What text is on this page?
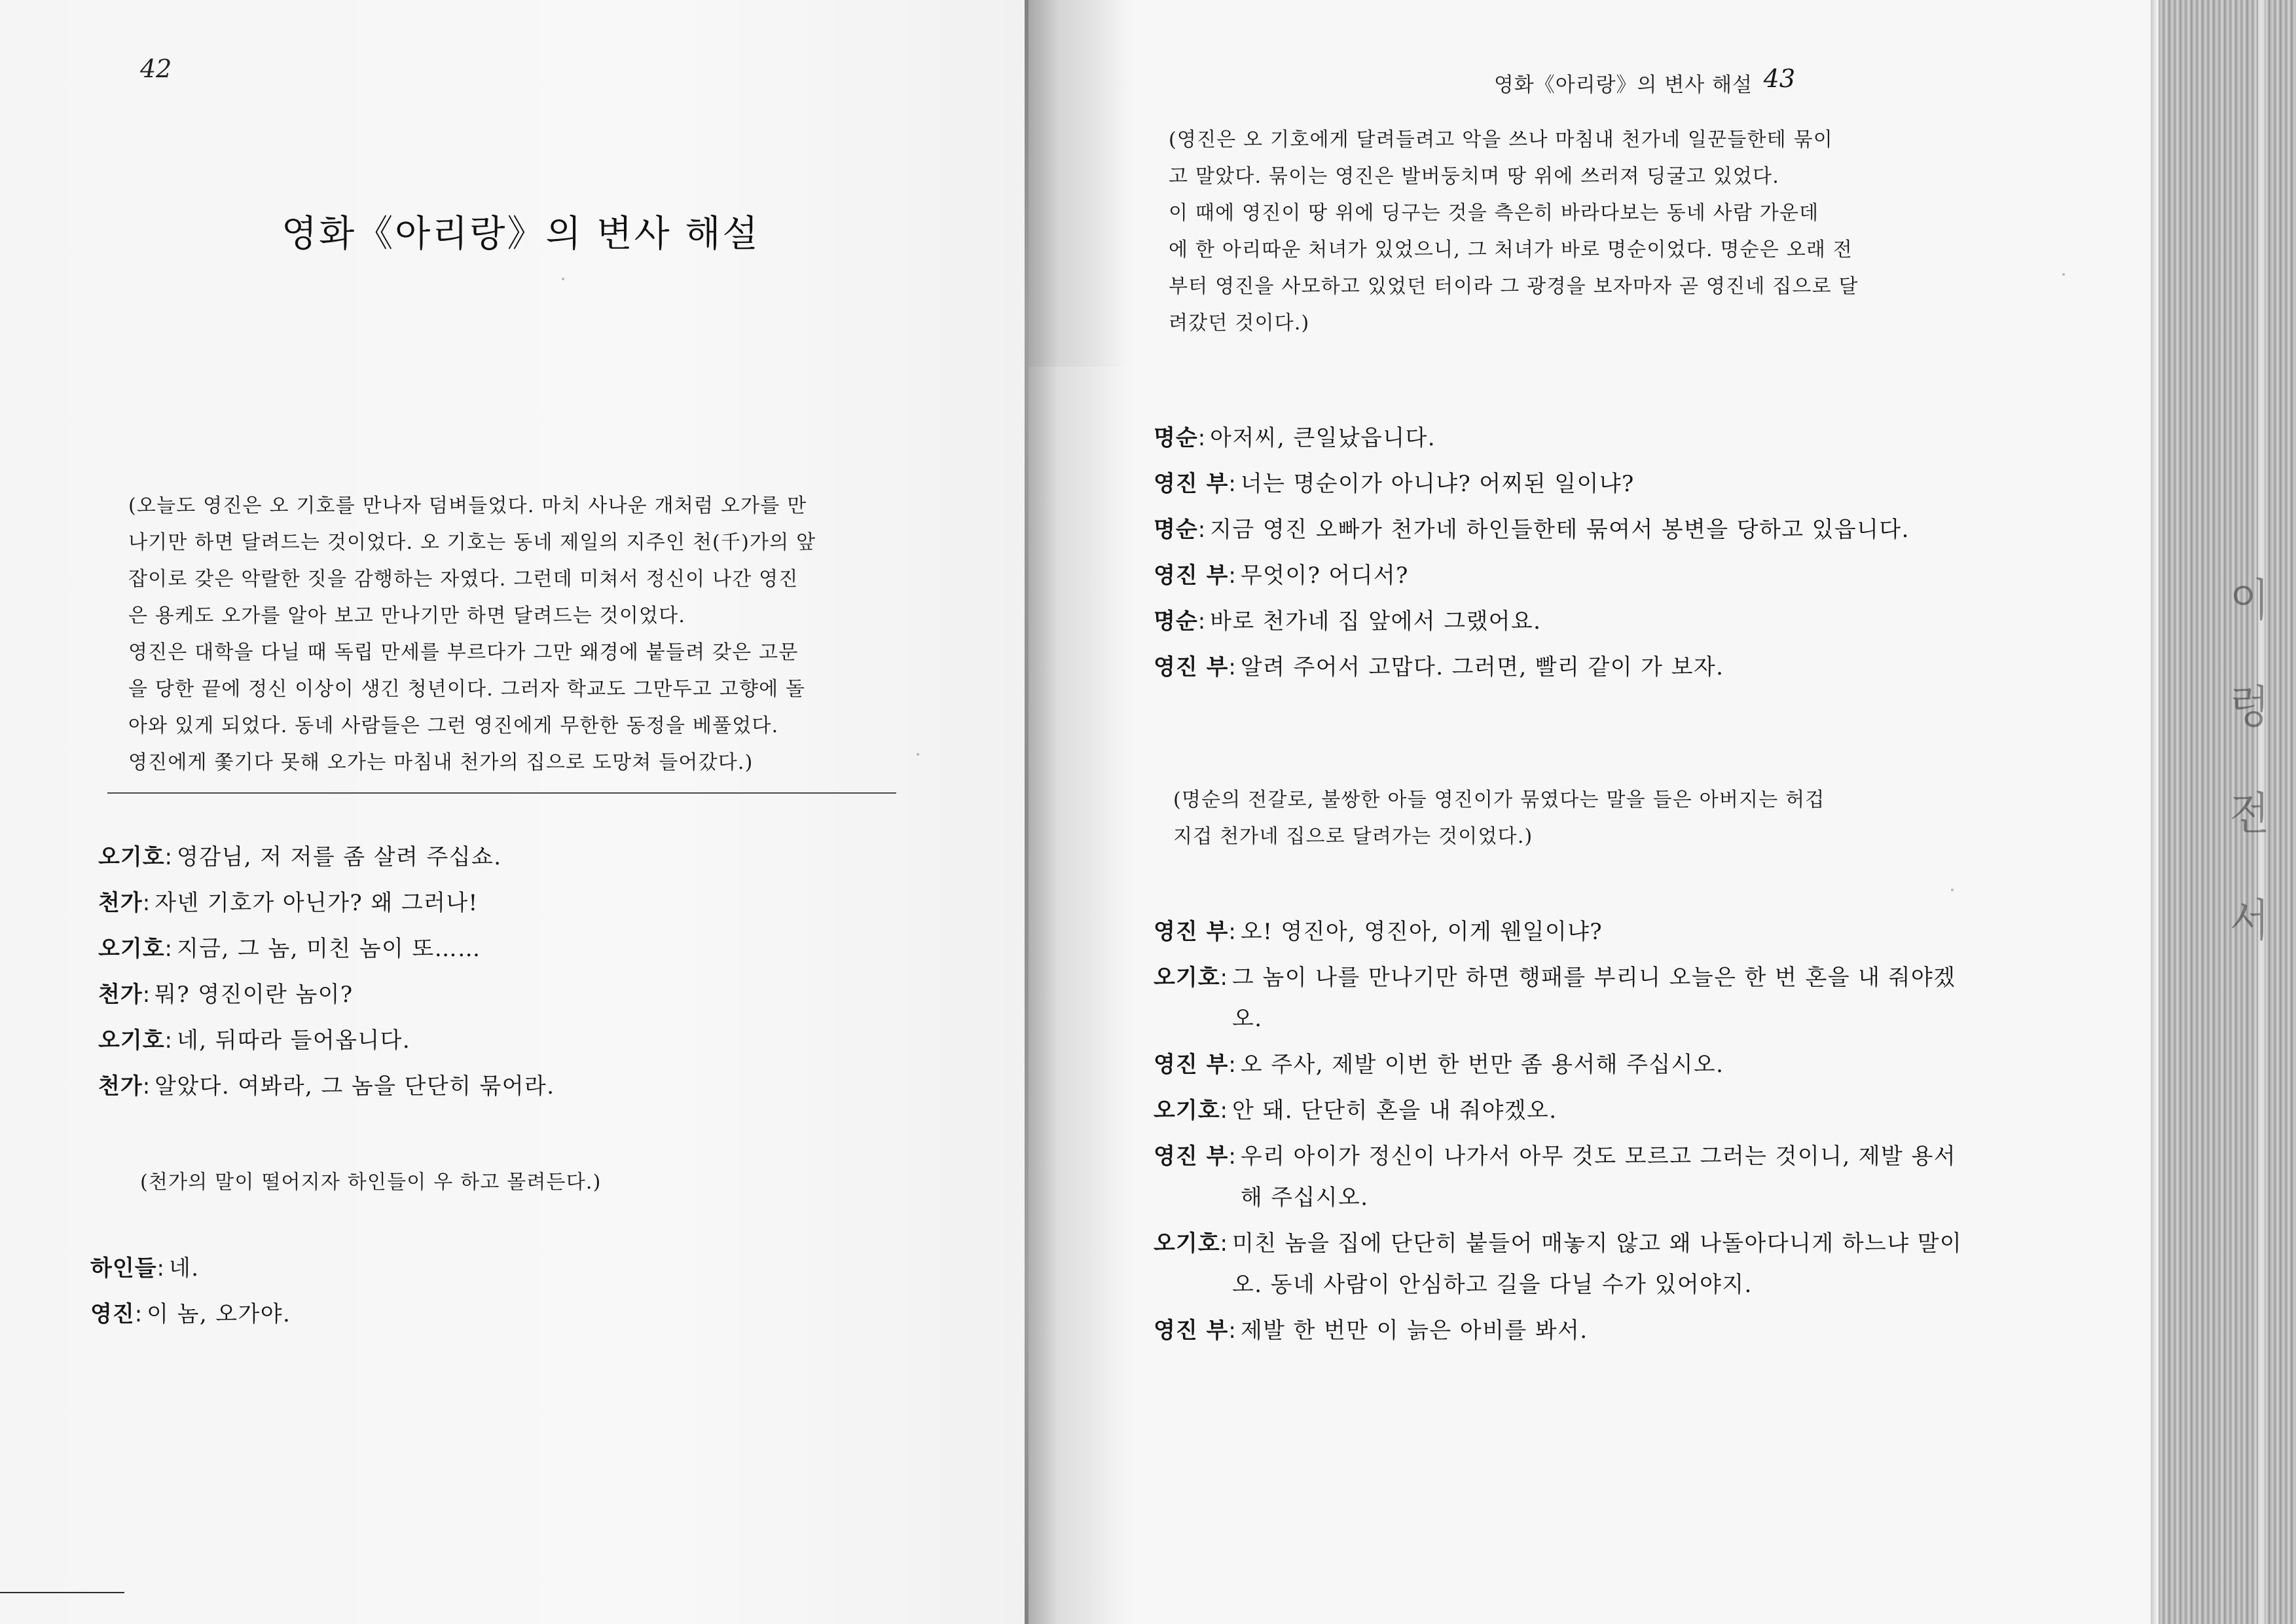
이 렁 전 서
42
영화《아리랑》의 변사 해설
(오늘도 영진은 오 기호를 만나자 덤벼들었다. 마치 사나운 개처럼 오가를 만
나기만 하면 달려드는 것이었다. 오 기호는 동네 제일의 지주인 천(千)가의 앞
잡이로 갖은 악랄한 짓을 감행하는 자였다. 그런데 미쳐서 정신이 나간 영진
은 용케도 오가를 알아 보고 만나기만 하면 달려드는 것이었다.
영진은 대학을 다닐 때 독립 만세를 부르다가 그만 왜경에 붙들려 갖은 고문
을 당한 끝에 정신 이상이 생긴 청년이다. 그러자 학교도 그만두고 고향에 돌
아와 있게 되었다. 동네 사람들은 그런 영진에게 무한한 동정을 베풀었다.
영진에게 쫓기다 못해 오가는 마침내 천가의 집으로 도망쳐 들어갔다.)
오기호 : 영감님, 저 저를 좀 살려 주십쇼.
천가 : 자넨 기호가 아닌가? 왜 그러나!
오기호 : 지금, 그 놈, 미친 놈이 또……
천가 : 뭐? 영진이란 놈이?
오기호 : 네, 뒤따라 들어옵니다.
천가 : 알았다. 여봐라, 그 놈을 단단히 묶어라.
(천가의 말이 떨어지자 하인들이 우 하고 몰려든다.)
하인들 : 네.
영진 : 이 놈, 오가야.
영화《아리랑》의 변사 해설 43
(영진은 오 기호에게 달려들려고 악을 쓰나 마침내 천가네 일꾼들한테 묶이
고 말았다. 묶이는 영진은 발버둥치며 땅 위에 쓰러져 딩굴고 있었다.
이 때에 영진이 땅 위에 딩구는 것을 측은히 바라다보는 동네 사람 가운데
에 한 아리따운 처녀가 있었으니, 그 처녀가 바로 명순이었다. 명순은 오래 전
부터 영진을 사모하고 있었던 터이라 그 광경을 보자마자 곧 영진네 집으로 달
려갔던 것이다.)
명순 : 아저씨, 큰일났읍니다.
영진 부 : 너는 명순이가 아니냐? 어찌된 일이냐?
명순 : 지금 영진 오빠가 천가네 하인들한테 묶여서 봉변을 당하고 있읍니다.
영진 부 : 무엇이? 어디서?
명순 : 바로 천가네 집 앞에서 그랬어요.
영진 부 : 알려 주어서 고맙다. 그러면, 빨리 같이 가 보자.
(명순의 전갈로, 불쌍한 아들 영진이가 묶였다는 말을 들은 아버지는 허겁
지겁 천가네 집으로 달려가는 것이었다.)
영진 부 : 오! 영진아, 영진아, 이게 웬일이냐?
오기호 : 그 놈이 나를 만나기만 하면 행패를 부리니 오늘은 한 번 혼을 내 줘야겠오.
영진 부 : 오 주사, 제발 이번 한 번만 좀 용서해 주십시오.
오기호 : 안 돼. 단단히 혼을 내 줘야겠오.
영진 부 : 우리 아이가 정신이 나가서 아무 것도 모르고 그러는 것이니, 제발 용서해 주십시오.
오기호 : 미친 놈을 집에 단단히 붙들어 매놓지 않고 왜 나돌아다니게 하느냐 말이오. 동네 사람이 안심하고 길을 다닐 수가 있어야지.
영진 부 : 제발 한 번만 이 늙은 아비를 봐서.
